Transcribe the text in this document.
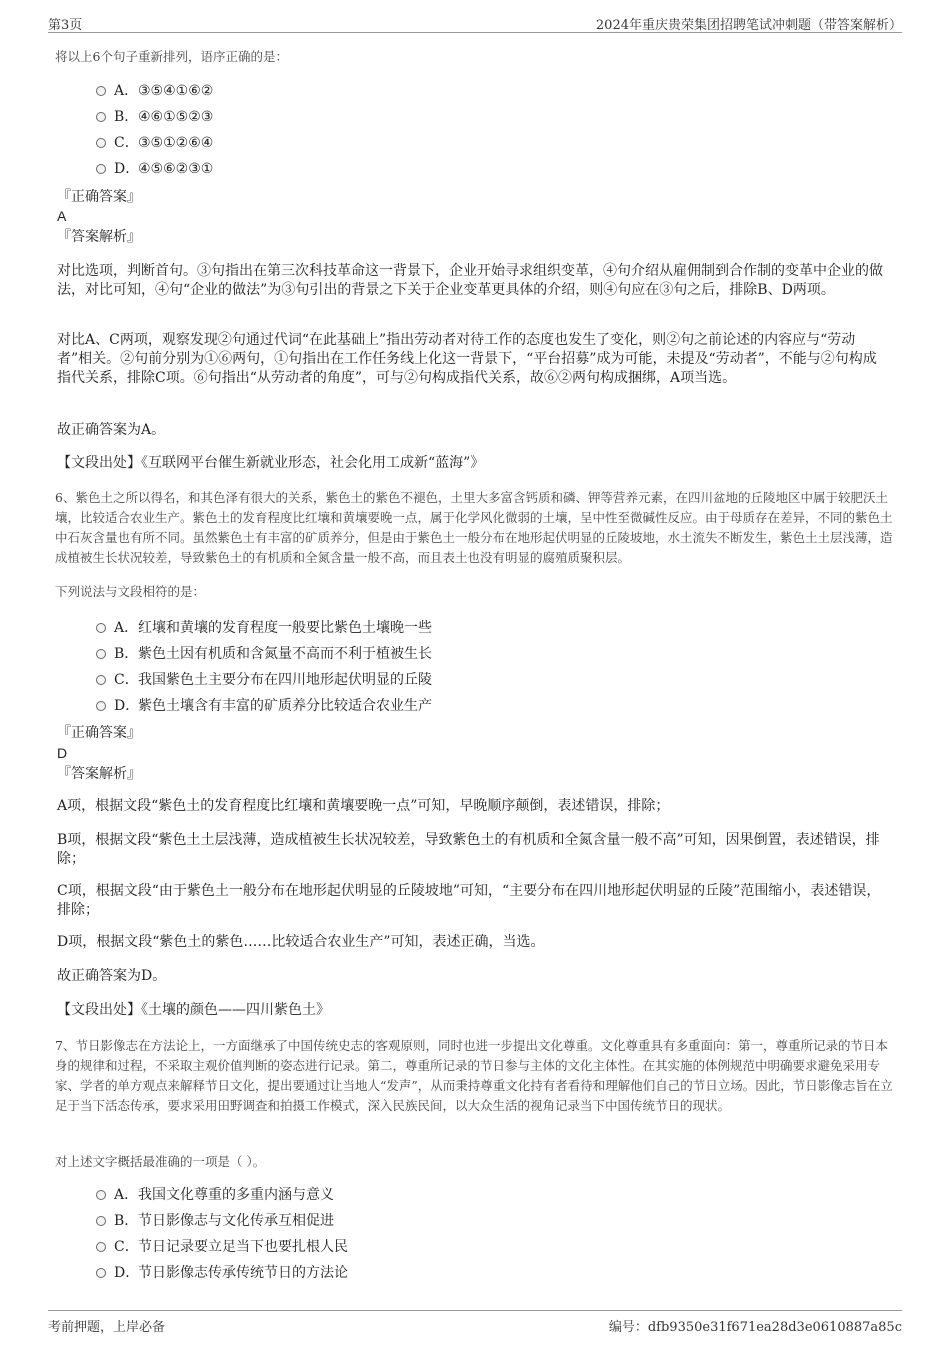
第3页	2024年重庆贵荣集团招聘笔试冲刺题（带答案解析）
将以上6个句子重新排列，语序正确的是：
A．③⑤④①⑥②
B．④⑥①⑤②③
C．③⑤①②⑥④
D．④⑤⑥②③①
『正确答案』
A
『答案解析』
对比选项，判断首句。③句指出在第三次科技革命这一背景下，企业开始寻求组织变革，④句介绍从雇佣制到合作制的变革中企业的做法，对比可知，④句“企业的做法”为③句引出的背景之下关于企业变革更具体的介绍，则④句应在③句之后，排除B、D两项。
对比A、C两项，观察发现②句通过代词“在此基础上”指出劳动者对待工作的态度也发生了变化，则②句之前论述的内容应与“劳动者”相关。②句前分别为①⑥两句，①句指出在工作任务线上化这一背景下，“平台招募”成为可能，未提及“劳动者”，不能与②句构成指代关系，排除C项。⑥句指出“从劳动者的角度”，可与②句构成指代关系，故⑥②两句构成捆绑，A项当选。
故正确答案为A。
【文段出处】《互联网平台催生新就业形态，社会化用工成新“蓝海”》
6、紫色土之所以得名，和其色泽有很大的关系，紫色土的紫色不褪色，土里大多富含钙质和磷、钾等营养元素，在四川盆地的丘陵地区中属于较肥沃土壤，比较适合农业生产。紫色土的发育程度比红壤和黄壤要晚一点，属于化学风化微弱的土壤，呈中性至微碱性反应。由于母质存在差异，不同的紫色土中石灰含量也有所不同。虽然紫色土有丰富的矿质养分，但是由于紫色土一般分布在地形起伏明显的丘陵坡地，水土流失不断发生，紫色土土层浅薄，造成植被生长状况较差，导致紫色土的有机质和全氮含量一般不高，而且表土也没有明显的腐殖质聚积层。
下列说法与文段相符的是：
A．红壤和黄壤的发育程度一般要比紫色土壤晚一些
B．紫色土因有机质和含氮量不高而不利于植被生长
C．我国紫色土主要分布在四川地形起伏明显的丘陵
D．紫色土壤含有丰富的矿质养分比较适合农业生产
『正确答案』
D
『答案解析』
A项，根据文段“紫色土的发育程度比红壤和黄壤要晚一点”可知，早晚顺序颠倒，表述错误，排除；
B项，根据文段“紫色土土层浅薄，造成植被生长状况较差，导致紫色土的有机质和全氮含量一般不高”可知，因果倒置，表述错误，排除；
C项，根据文段“由于紫色土一般分布在地形起伏明显的丘陵坡地”可知，“主要分布在四川地形起伏明显的丘陵”范围缩小，表述错误，排除；
D项，根据文段“紫色土的紫色……比较适合农业生产”可知，表述正确，当选。
故正确答案为D。
【文段出处】《土壤的颜色——四川紫色土》
7、节日影像志在方法论上，一方面继承了中国传统史志的客观原则，同时也进一步提出文化尊重。文化尊重具有多重面向：第一，尊重所记录的节日本身的规律和过程，不采取主观价值判断的姿态进行记录。第二，尊重所记录的节日参与主体的文化主体性。在其实施的体例规范中明确要求避免采用专家、学者的单方观点来解释节日文化，提出要通过让当地人“发声”，从而秉持尊重文化持有者看待和理解他们自己的节日立场。因此，节日影像志旨在立足于当下活态传承，要求采用田野调查和拍摄工作模式，深入民族民间，以大众生活的视角记录当下中国传统节日的现状。
对上述文字概括最准确的一项是（ ）。
A．我国文化尊重的多重内涵与意义
B．节日影像志与文化传承互相促进
C．节日记录要立足当下也要扎根人民
D．节日影像志传承传统节日的方法论
考前押题，上岸必备	编号：dfb9350e31f671ea28d3e0610887a85c
